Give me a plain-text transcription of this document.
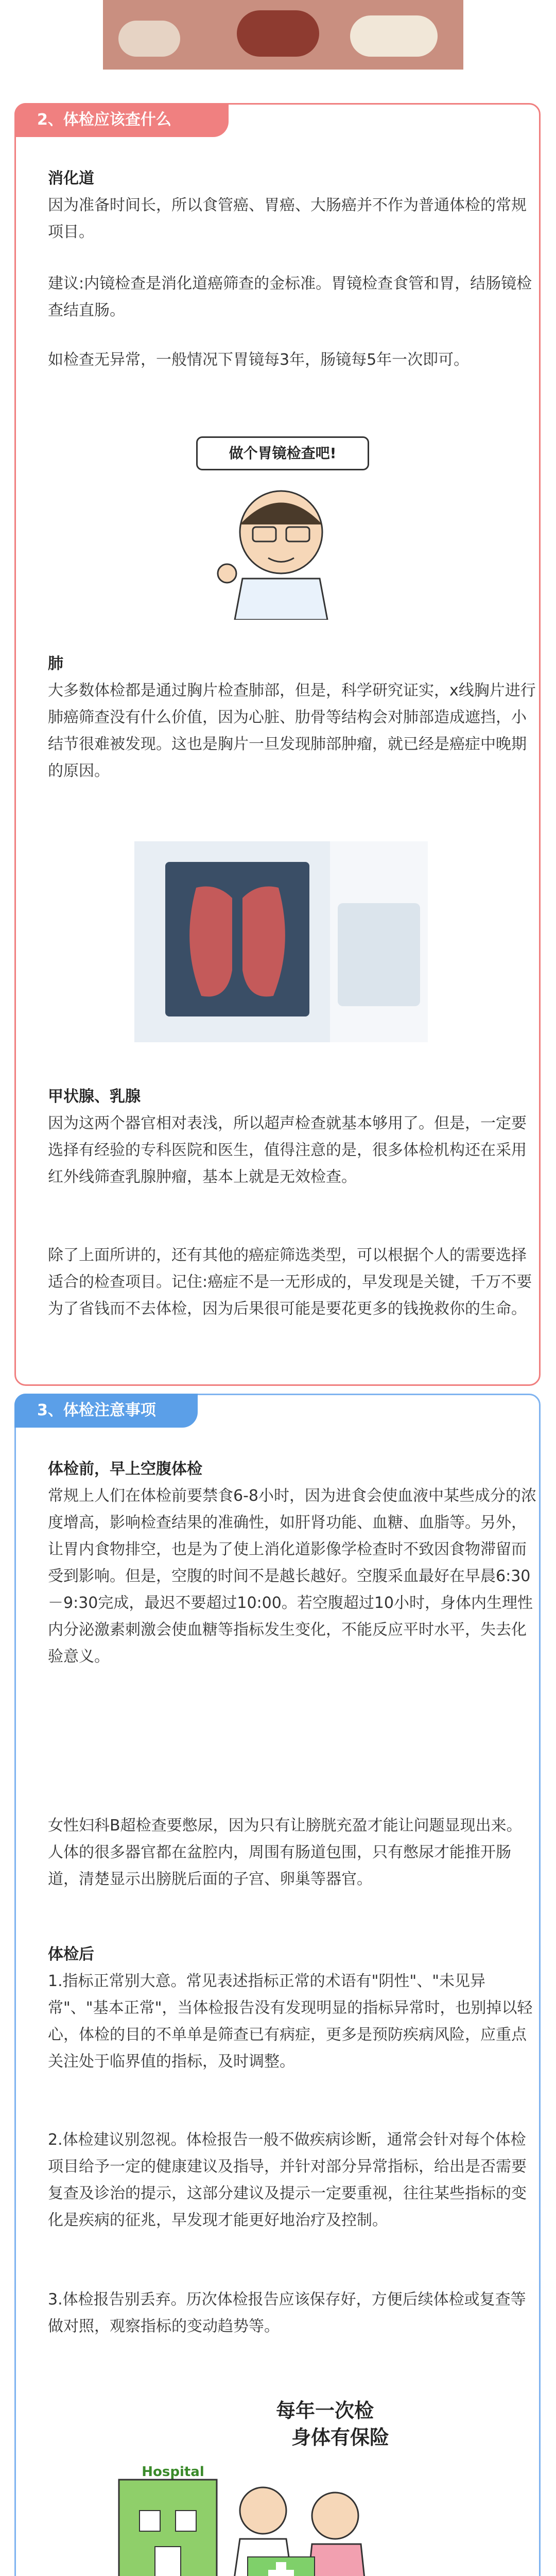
2、体检应该查什么

消化道

因为准备时间长，所以食管癌、胃癌、大肠癌并不作为普通体检的常规项目。

建议:内镜检查是消化道癌筛查的金标准。胃镜检查食管和胃，结肠镜检查结直肠。

如检查无异常，一般情况下胃镜每3年，肠镜每5年一次即可。

做个胃镜检查吧!

肺

大多数体检都是通过胸片检查肺部，但是，科学研究证实，x线胸片进行肺癌筛查没有什么价值，因为心脏、肋骨等结构会对肺部造成遮挡，小结节很难被发现。这也是胸片一旦发现肺部肿瘤，就已经是癌症中晚期的原因。

甲状腺、乳腺

因为这两个器官相对表浅，所以超声检查就基本够用了。但是，一定要选择有经验的专科医院和医生，值得注意的是，很多体检机构还在采用红外线筛查乳腺肿瘤，基本上就是无效检查。

除了上面所讲的，还有其他的癌症筛选类型，可以根据个人的需要选择适合的检查项目。记住:癌症不是一无形成的，早发现是关键，千万不要为了省钱而不去体检，因为后果很可能是要花更多的钱挽救你的生命。

3、体检注意事项

体检前，早上空腹体检

常规上人们在体检前要禁食6-8小时，因为进食会使血液中某些成分的浓度增高，影响检查结果的准确性，如肝肾功能、血糖、血脂等。另外，让胃内食物排空，也是为了使上消化道影像学检查时不致因食物滞留而受到影响。但是，空腹的时间不是越长越好。空腹采血最好在早晨6:30－9:30完成，最迟不要超过10:00。若空腹超过10小时，身体内生理性内分泌激素刺激会使血糖等指标发生变化，不能反应平时水平，失去化验意义。

女性妇科B超检查要憋尿，因为只有让膀胱充盈才能让问题显现出来。人体的很多器官都在盆腔内，周围有肠道包围，只有憋尿才能推开肠道，清楚显示出膀胱后面的子宫、卵巢等器官。

体检后

1.指标正常别大意。常见表述指标正常的术语有"阴性"、"未见异常"、"基本正常"，当体检报告没有发现明显的指标异常时，也别掉以轻心，体检的目的不单单是筛查已有病症，更多是预防疾病风险，应重点关注处于临界值的指标，及时调整。

2.体检建议别忽视。体检报告一般不做疾病诊断，通常会针对每个体检项目给予一定的健康建议及指导，并针对部分异常指标，给出是否需要复查及诊治的提示，这部分建议及提示一定要重视，往往某些指标的变化是疾病的征兆，早发现才能更好地治疗及控制。

3.体检报告别丢弃。历次体检报告应该保存好，方便后续体检或复查等做对照，观察指标的变动趋势等。

每年一次检
身体有保险
Hospital
